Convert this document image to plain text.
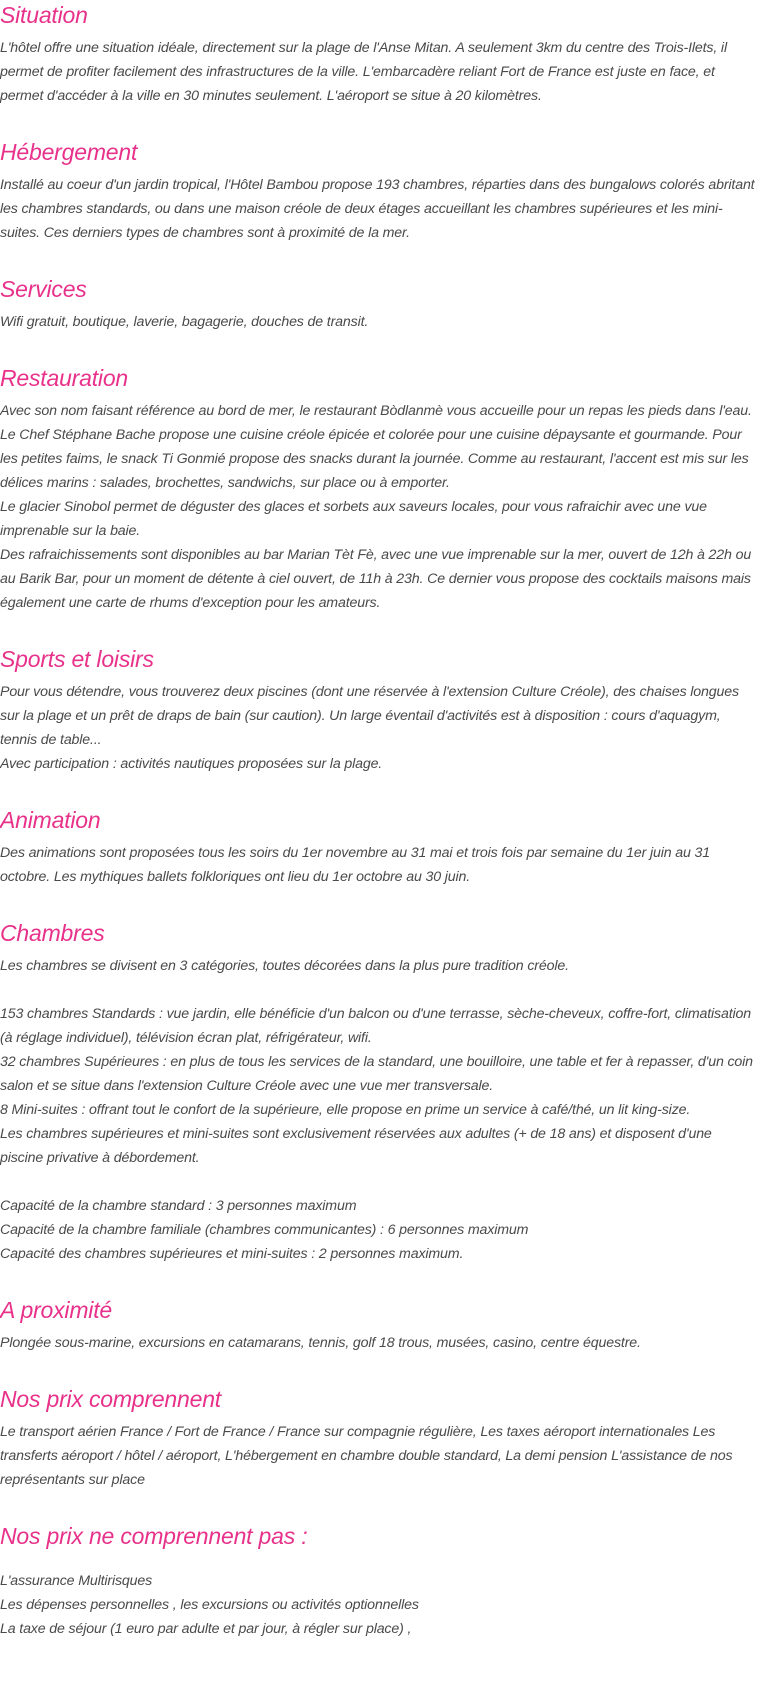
Situation

L'hôtel offre une situation idéale, directement sur la plage de l'Anse Mitan. A seulement 3km du centre des Trois-Ilets, il permet de profiter facilement des infrastructures de la ville. L'embarcadère reliant Fort de France est juste en face, et permet d'accéder à la ville en 30 minutes seulement. L'aéroport se situe à 20 kilomètres.

Hébergement

Installé au coeur d'un jardin tropical, l'Hôtel Bambou propose 193 chambres, réparties dans des bungalows colorés abritant les chambres standards, ou dans une maison créole de deux étages accueillant les chambres supérieures et les mini-suites. Ces derniers types de chambres sont à proximité de la mer.

Services

Wifi gratuit, boutique, laverie, bagagerie, douches de transit.

Restauration

Avec son nom faisant référence au bord de mer, le restaurant Bòdlanmè vous accueille pour un repas les pieds dans l'eau. Le Chef Stéphane Bache propose une cuisine créole épicée et colorée pour une cuisine dépaysante et gourmande. Pour les petites faims, le snack Ti Gonmié propose des snacks durant la journée. Comme au restaurant, l'accent est mis sur les délices marins : salades, brochettes, sandwichs, sur place ou à emporter.

Le glacier Sinobol permet de déguster des glaces et sorbets aux saveurs locales, pour vous rafraichir avec une vue imprenable sur la baie.

Des rafraichissements sont disponibles au bar Marian Tèt Fè, avec une vue imprenable sur la mer, ouvert de 12h à 22h ou au Barik Bar, pour un moment de détente à ciel ouvert, de 11h à 23h. Ce dernier vous propose des cocktails maisons mais également une carte de rhums d'exception pour les amateurs.

Sports et loisirs

Pour vous détendre, vous trouverez deux piscines (dont une réservée à l'extension Culture Créole), des chaises longues sur la plage et un prêt de draps de bain (sur caution). Un large éventail d'activités est à disposition : cours d'aquagym, tennis de table...

Avec participation : activités nautiques proposées sur la plage.

Animation

Des animations sont proposées tous les soirs du 1er novembre au 31 mai et trois fois par semaine du 1er juin au 31 octobre. Les mythiques ballets folkloriques ont lieu du 1er octobre au 30 juin.

Chambres

Les chambres se divisent en 3 catégories, toutes décorées dans la plus pure tradition créole.

153 chambres Standards : vue jardin, elle bénéficie d'un balcon ou d'une terrasse, sèche-cheveux, coffre-fort, climatisation (à réglage individuel), télévision écran plat, réfrigérateur, wifi.

32 chambres Supérieures : en plus de tous les services de la standard, une bouilloire, une table et fer à repasser, d'un coin salon et se situe dans l'extension Culture Créole avec une vue mer transversale.

8 Mini-suites : offrant tout le confort de la supérieure, elle propose en prime un service à café/thé, un lit king-size.

Les chambres supérieures et mini-suites sont exclusivement réservées aux adultes (+ de 18 ans) et disposent d'une piscine privative à débordement.

Capacité de la chambre standard : 3 personnes maximum

Capacité de la chambre familiale (chambres communicantes) : 6 personnes maximum

Capacité des chambres supérieures et mini-suites : 2 personnes maximum.

A proximité

Plongée sous-marine, excursions en catamarans, tennis, golf 18 trous, musées, casino, centre équestre.

Nos prix comprennent

Le transport aérien France / Fort de France / France sur compagnie régulière, Les taxes aéroport internationales Les transferts aéroport / hôtel / aéroport, L'hébergement en chambre double standard, La demi pension L'assistance de nos représentants sur place

Nos prix ne comprennent pas :

L'assurance Multirisques

Les dépenses personnelles , les excursions ou activités optionnelles

La taxe de séjour (1 euro par adulte et par jour, à régler sur place) ,
